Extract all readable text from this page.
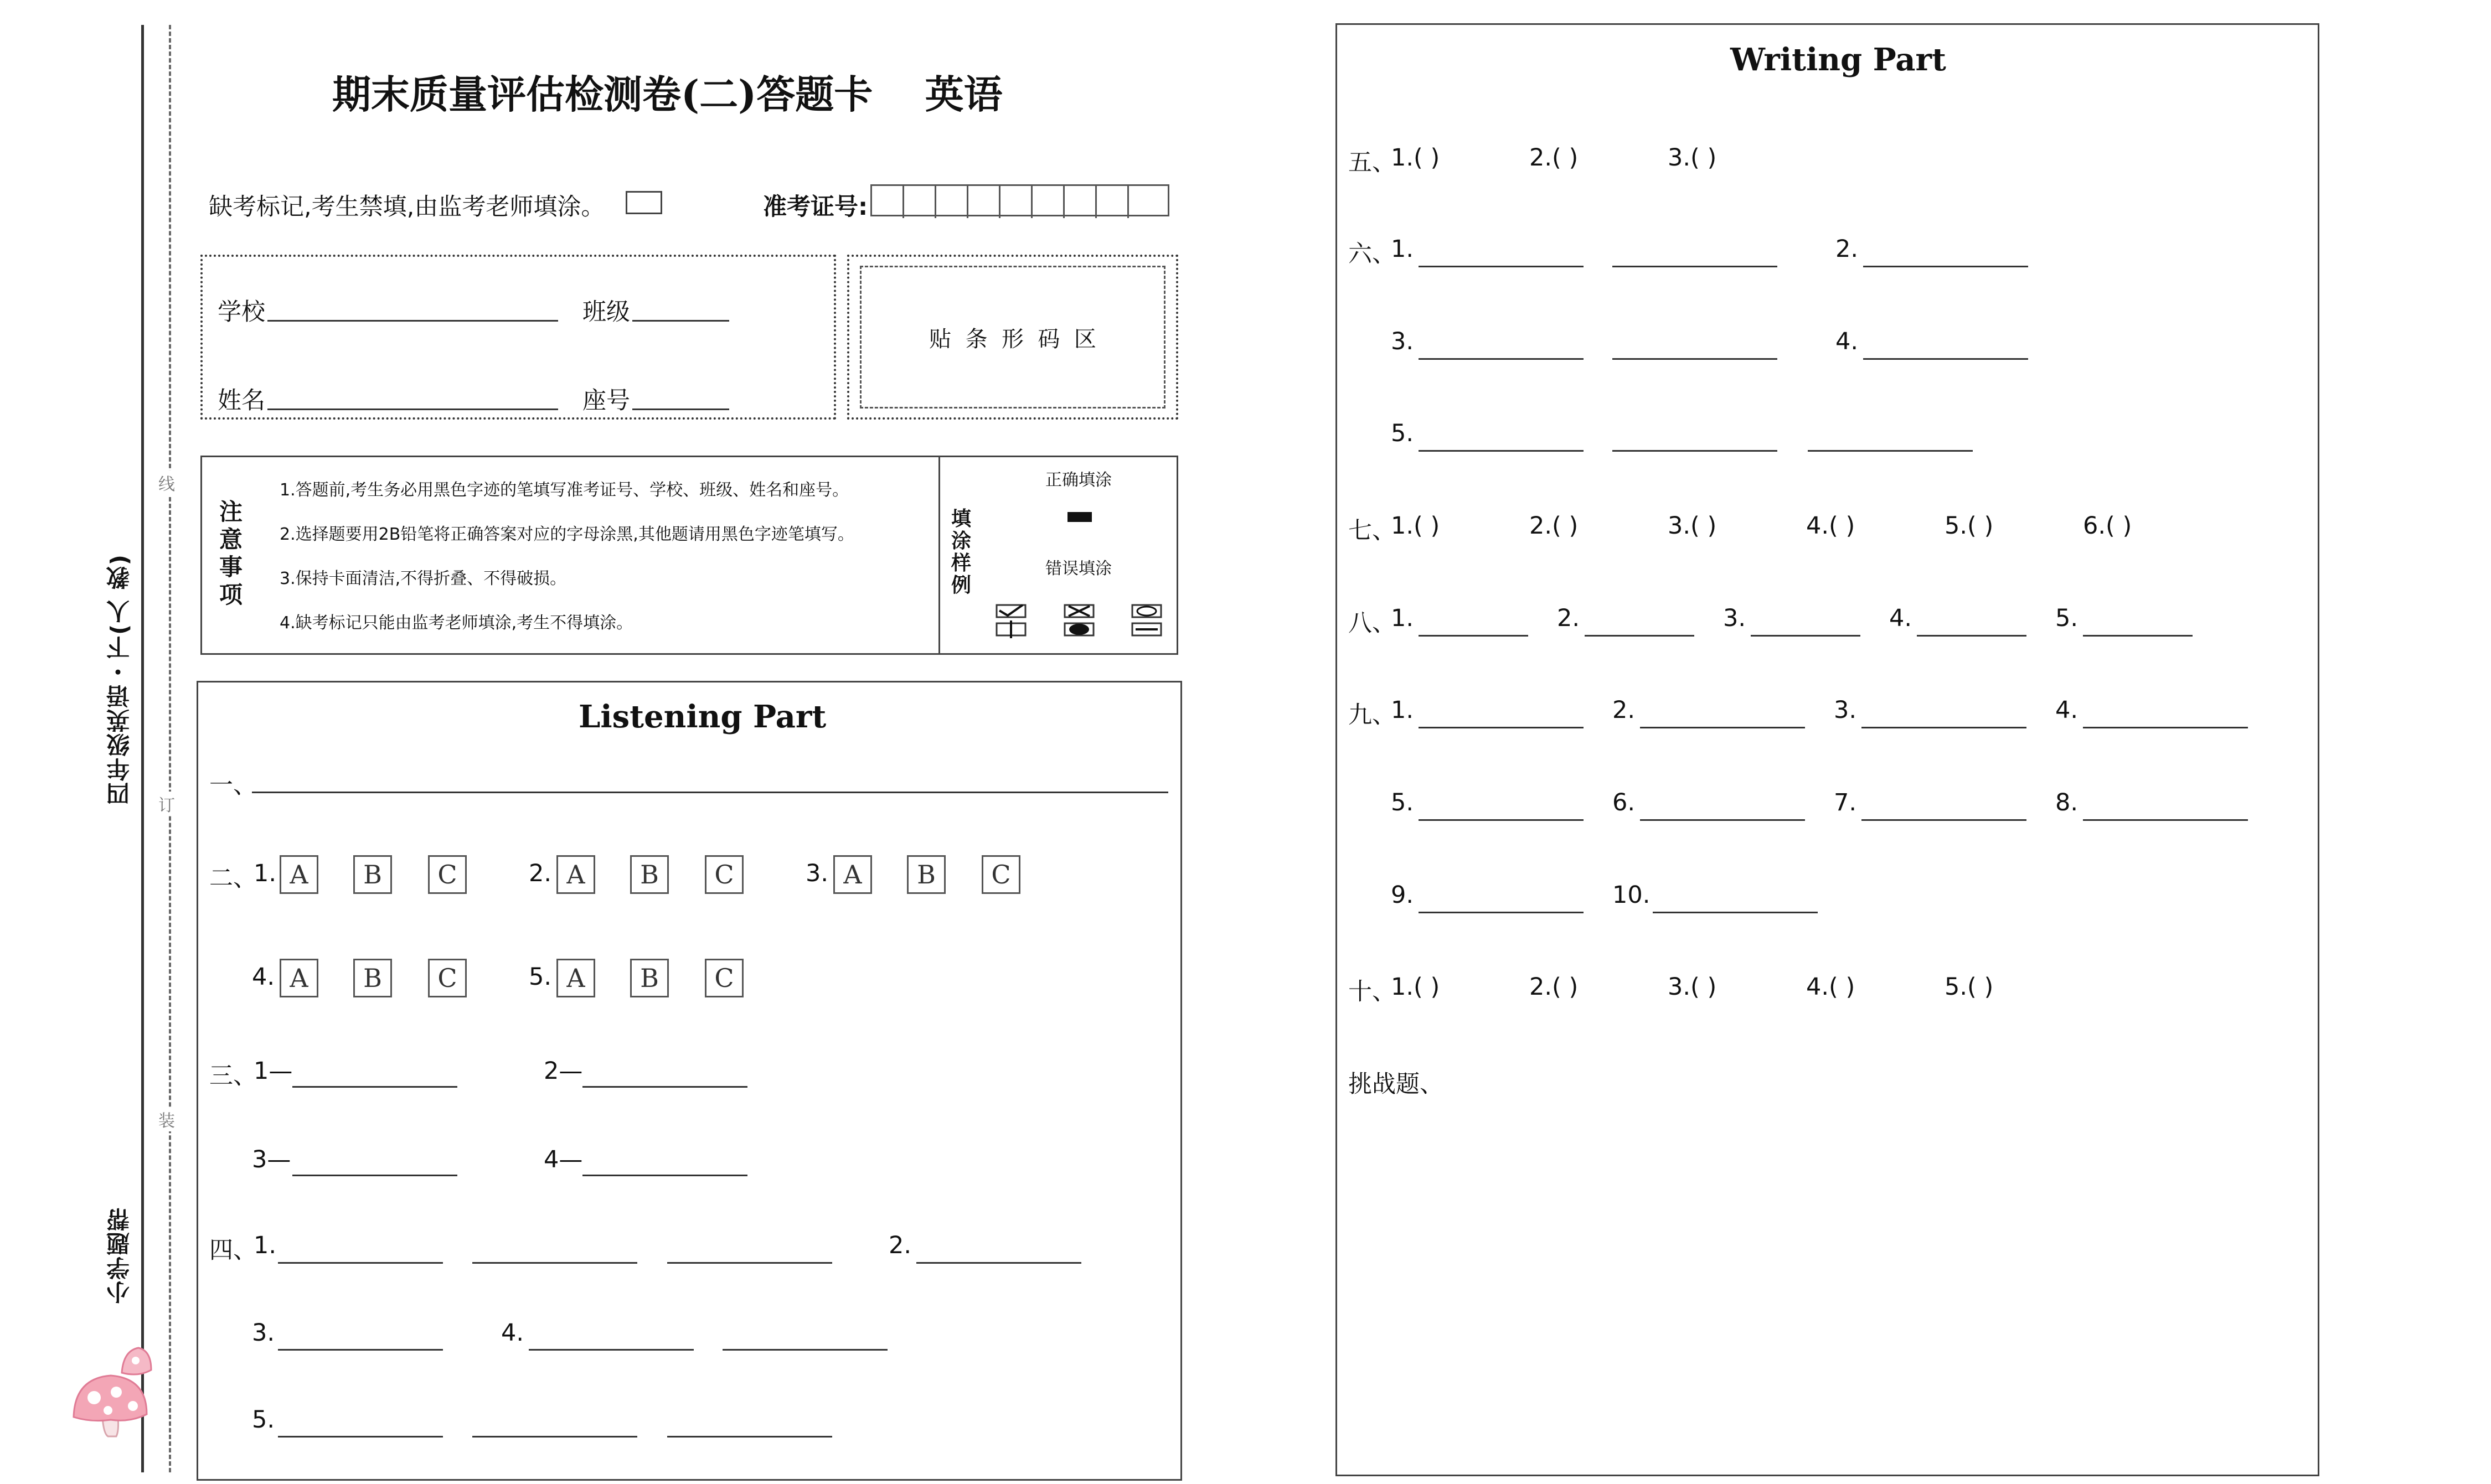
四年级英语・下(人 教)
小学题帮
线
订
装
期末质量评估检测卷(二)答题卡 英语
缺考标记,考生禁填,由监考老师填涂。	准考证号:
学校	班级
姓名	座号
贴  条  形  码  区
注意事项
1.答题前,考生务必用黑色字迹的笔填写准考证号、学校、班级、姓名和座号。
2.选择题要用2B铅笔将正确答案对应的字母涂黑,其他题请用黑色字迹笔填写。
3.保持卡面清洁,不得折叠、不得破损。
4.缺考标记只能由监考老师填涂,考生不得填涂。
填涂样例
正确填涂
错误填涂
Listening Part
一、
二、
1. A	B	C	2. A	B	C	3. A	B	C
4. A	B	C	5. A	B	C
三、
1—	2—
3—	4—
四、
1.	2.
3.	4.
5.
Writing Part
五、
1.( )	2.( )	3.( )
六、
1.	2.
3.	4.
5.
七、
1.( )	2.( )	3.( )	4.( )	5.( )	6.( )
八、
1.	2.	3.	4.	5.
九、
1.	2.	3.	4.
5.	6.	7.	8.
9.	10.
十、
1.( )	2.( )	3.( )	4.( )	5.( )
挑战题、
